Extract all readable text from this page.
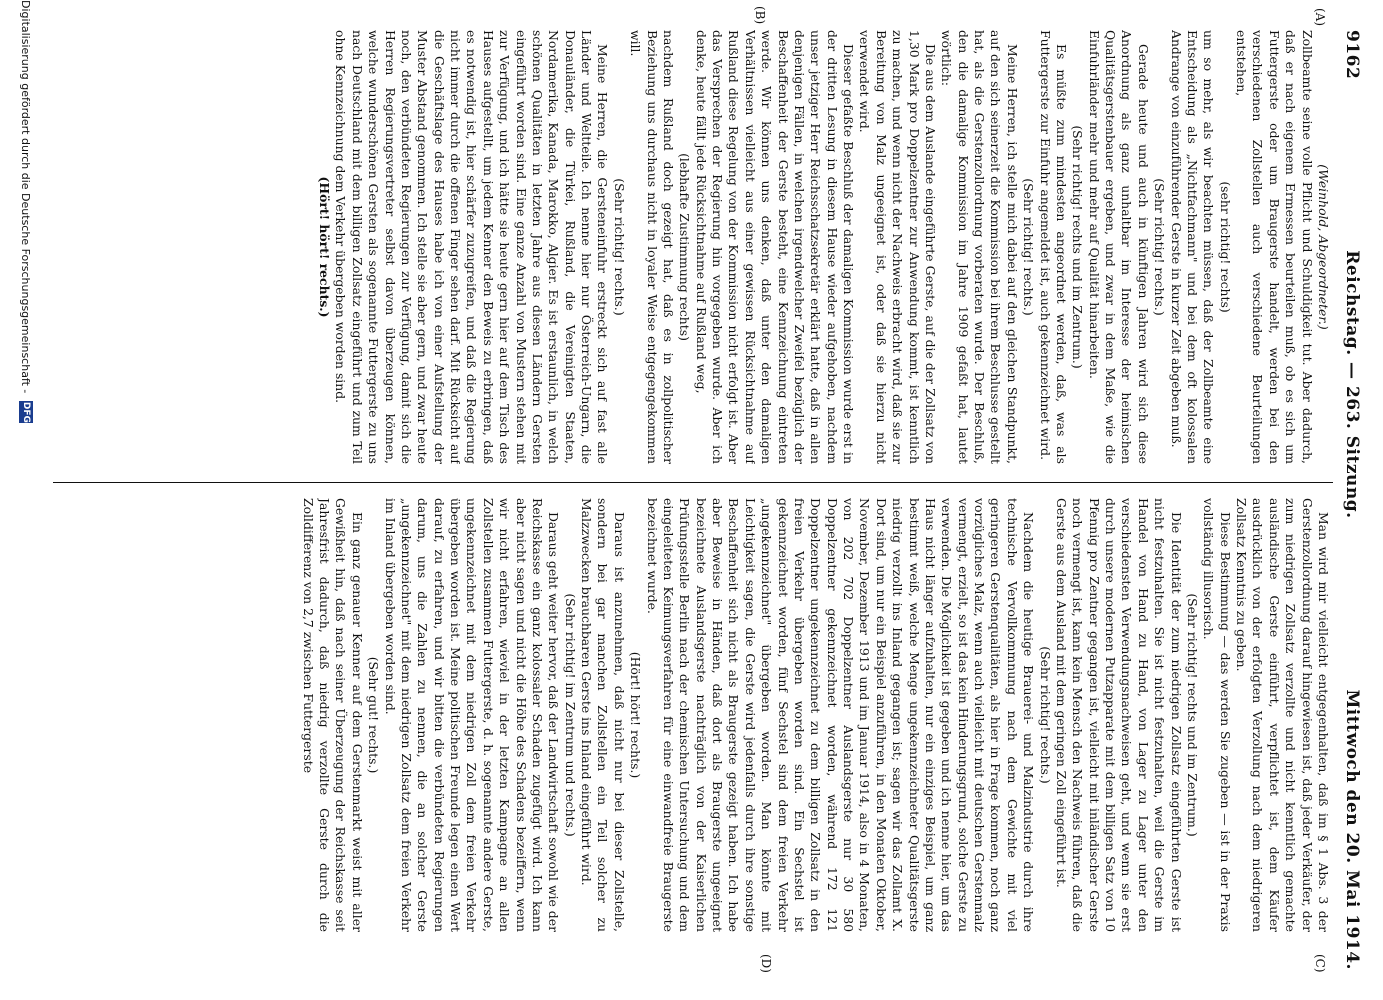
9162
Reichstag. — 263. Sitzung.
Mittwoch den 20. Mai 1914.
(A)
(B)
(C)
(D)

(Weinhold, Abgeordneter.)

Zollbeamte seine volle Pflicht und Schuldigkeit tut. Aber dadurch, daß er nach eigenem Ermessen beurteilen muß, ob es sich um Futtergerste oder um Braugerste handelt, werden bei den verschiedenen Zollstellen auch verschiedene Beurteilungen entstehen,

(sehr richtig! rechts)

um so mehr, als wir beachten müssen, daß der Zollbeamte eine Entscheidung als „Nichtfachmann" und bei dem oft kolossalen Andrange von einzuführender Gerste in kurzer Zeit abgeben muß.

(Sehr richtig! rechts.)

Gerade heute und auch in künftigen Jahren wird sich diese Anordnung als ganz unhaltbar im Interesse der heimischen Qualitätsgerstenbauer ergeben, und zwar in dem Maße, wie die Einfuhrländer mehr und mehr auf Qualität hinarbeiten.

(Sehr richtig! rechts und im Zentrum.)

Es müßte zum mindesten angeordnet werden, daß, was als Futtergerste zur Einfuhr angemeldet ist, auch gekennzeichnet wird.

(Sehr richtig! rechts.)

Meine Herren, ich stelle mich dabei auf den gleichen Standpunkt, auf den sich seinerzeit die Kommission bei ihrem Beschlusse gestellt hat, als die Gerstenzollordnung vorberaten wurde. Der Beschluß, den die damalige Kommission im Jahre 1909 gefaßt hat, lautet wörtlich:

Die aus dem Auslande eingeführte Gerste, auf die der Zollsatz von 1,30 Mark pro Doppelzentner zur Anwendung kommt, ist kenntlich zu machen, und wenn nicht der Nachweis erbracht wird, daß sie zur Bereitung von Malz ungeeignet ist, oder daß sie hierzu nicht verwendet wird.

Dieser gefaßte Beschluß der damaligen Kommission wurde erst in der dritten Lesung in diesem Hause wieder aufgehoben, nachdem unser jetziger Herr Reichsschatzsekretär erklärt hatte, daß in allen denjenigen Fällen, in welchen irgendwelcher Zweifel bezüglich der Beschaffenheit der Gerste besteht, eine Kennzeichnung eintreten werde. Wir können uns denken, daß unter den damaligen Verhältnissen vielleicht aus einer gewissen Rücksichtnahme auf Rußland diese Regelung von der Kommission nicht erfolgt ist. Aber das Versprechen der Regierung hin vorgegeben wurde. Aber ich denke, heute fällt jede Rücksichtnahme auf Rußland weg,

(lebhafte Zustimmung rechts)

nachdem Rußland doch gezeigt hat, daß es in zollpolitischer Beziehung uns durchaus nicht in loyaler Weise entgegengekommen will.

(Sehr richtig! rechts.)

Meine Herren, die Gersteneinfuhr erstreckt sich auf fast alle Länder und Weltteile. Ich nenne hier nur Österreich-Ungarn, die Donauländer, die Türkei, Rußland, die Vereinigten Staaten, Nordamerika, Kanada, Marokko, Algier. Es ist erstaunlich, in welch schönen Qualitäten in letzten Jahre aus diesen Ländern Gersten eingeführt worden sind. Eine ganze Anzahl von Mustern stehen mit zur Verfügung, und ich hätte sie heute gern hier auf dem Tisch des Hauses aufgestellt, um jedem Kenner den Beweis zu erbringen, daß es notwendig ist, hier schärfer zuzugreifen, und daß die Regierung nicht immer durch die offenen Finger sehen darf. Mit Rücksicht auf die Geschäftslage des Hauses habe ich von einer Aufstellung der Muster Abstand genommen. Ich stelle sie aber gern, und zwar heute noch, den verbündeten Regierungen zur Verfügung, damit sich die Herren Regierungsvertreter selbst davon überzeugen können, welche wunderschönen Gersten als sogenannte Futtergerste zu uns nach Deutschland mit dem billigen Zollsatz eingeführt und zum Teil ohne Kennzeichnung dem Verkehr übergeben worden sind.

(Hört! hört! rechts.)

Man wird mir vielleicht entgegenhalten, daß im § 1 Abs. 3 der Gerstenzollordnung darauf hingewiesen ist, daß jeder Verkäufer, der zum niedrigen Zollsatz verzollte und nicht kenntlich gemachte ausländische Gerste einführt, verpflichtet ist, dem Käufer ausdrücklich von der erfolgten Verzollung nach dem niedrigeren Zollsatz Kenntnis zu geben.

Diese Bestimmung — das werden Sie zugeben — ist in der Praxis vollständig illusorisch.

(Sehr richtig! rechts und im Zentrum.)

Die Identität der zum niedrigen Zollsatz eingeführten Gerste ist nicht festzuhalten. Sie ist nicht festzuhalten, weil die Gerste im Handel von Hand zu Hand, von Lager zu Lager unter den verschiedensten Verwendungsnachweisen geht, und wenn sie erst durch unsere modernen Putzapparate mit dem billigen Satz von 10 Pfennig pro Zentner gegangen ist, vielleicht mit inländischer Gerste noch vermengt ist, kann kein Mensch den Nachweis führen, daß die Gerste aus dem Ausland mit dem geringen Zoll eingeführt ist.

(Sehr richtig! rechts.)

Nachdem die heutige Brauerei- und Malzindustrie durch ihre technische Vervollkommnung nach dem Gewichte mit viel geringeren Gerstenqualitäten, als hier in Frage kommen, noch ganz vorzügliches Malz, wenn auch vielleicht mit deutschen Gerstenmalz vermengt, erzielt, so ist das kein Hinderungsgrund, solche Gerste zu verwenden. Die Möglichkeit ist gegeben und ich nenne hier, um das Haus nicht länger aufzuhalten, nur ein einziges Beispiel, um ganz bestimmt weiß, welche Menge ungekennzeichneter Qualitätsgerste niedrig verzollt ins Inland gegangen ist; sagen wir das Zollamt X. Dort sind, um nur ein Beispiel anzuführen, in den Monaten Oktober, November, Dezember 1913 und im Januar 1914, also in 4 Monaten, von 202 702 Doppelzentner Auslandsgerste nur 30 580 Doppelzentner gekennzeichnet worden, während 172 121 Doppelzentner ungekennzeichnet zu dem billigen Zollsatz in den freien Verkehr übergeben worden sind. Ein Sechstel ist gekennzeichnet worden, fünf Sechstel sind dem freien Verkehr „ungekennzeichnet" übergeben worden. Man könnte mit Leichtigkeit sagen, die Gerste wird jedenfalls durch ihre sonstige Beschaffenheit sich nicht als Braugerste gezeigt haben. Ich habe aber Beweise in Händen, daß dort als Braugerste ungeeignet bezeichnete Auslandsgerste nachträglich von der Kaiserlichen Prüfungsstelle Berlin nach der chemischen Untersuchung und dem eingeleiteten Keimungsverfahren für eine einwandfreie Braugerste bezeichnet wurde.

(Hört! hört! rechts.)

Daraus ist anzunehmen, daß nicht nur bei dieser Zollstelle, sondern bei gar manchen Zollstellen ein Teil solcher zu Malzzwecken brauchbaren Gerste ins Inland eingeführt wird.

(Sehr richtig! im Zentrum und rechts.)

Daraus geht weiter hervor, daß der Landwirtschaft sowohl wie der Reichskasse ein ganz kolossaler Schaden zugefügt wird. Ich kann aber nicht sagen und nicht die Höhe des Schadens bezeiffern, wenn wir nicht erfahren, wieviel in der letzten Kampagne an allen Zollstellen zusammen Futtergerste, d. h. sogenannte andere Gerste, ungekennzeichnet mit dem niedrigen Zoll dem freien Verkehr übergeben worden ist. Meine politischen Freunde legen einen Wert darauf, zu erfahren, und wir bitten die verbündeten Regierungen darum, uns die Zahlen zu nennen, die an solcher Gerste „ungekennzeichnet" mit dem niedrigen Zollsatz dem freien Verkehr im Inland übergeben worden sind.

(Sehr gut! rechts.)

Ein ganz genauer Kenner auf dem Gerstenmarkt weist mit aller Gewißheit hin, daß nach seiner Überzeugung der Reichskasse seit Jahresfrist dadurch, daß niedrig verzollte Gerste durch die Zolldifferenz von 2,7 zwischen Futtergerste

Digitalisierung gefördert durch die Deutsche Forschungsgemeinschaft -
DFG
